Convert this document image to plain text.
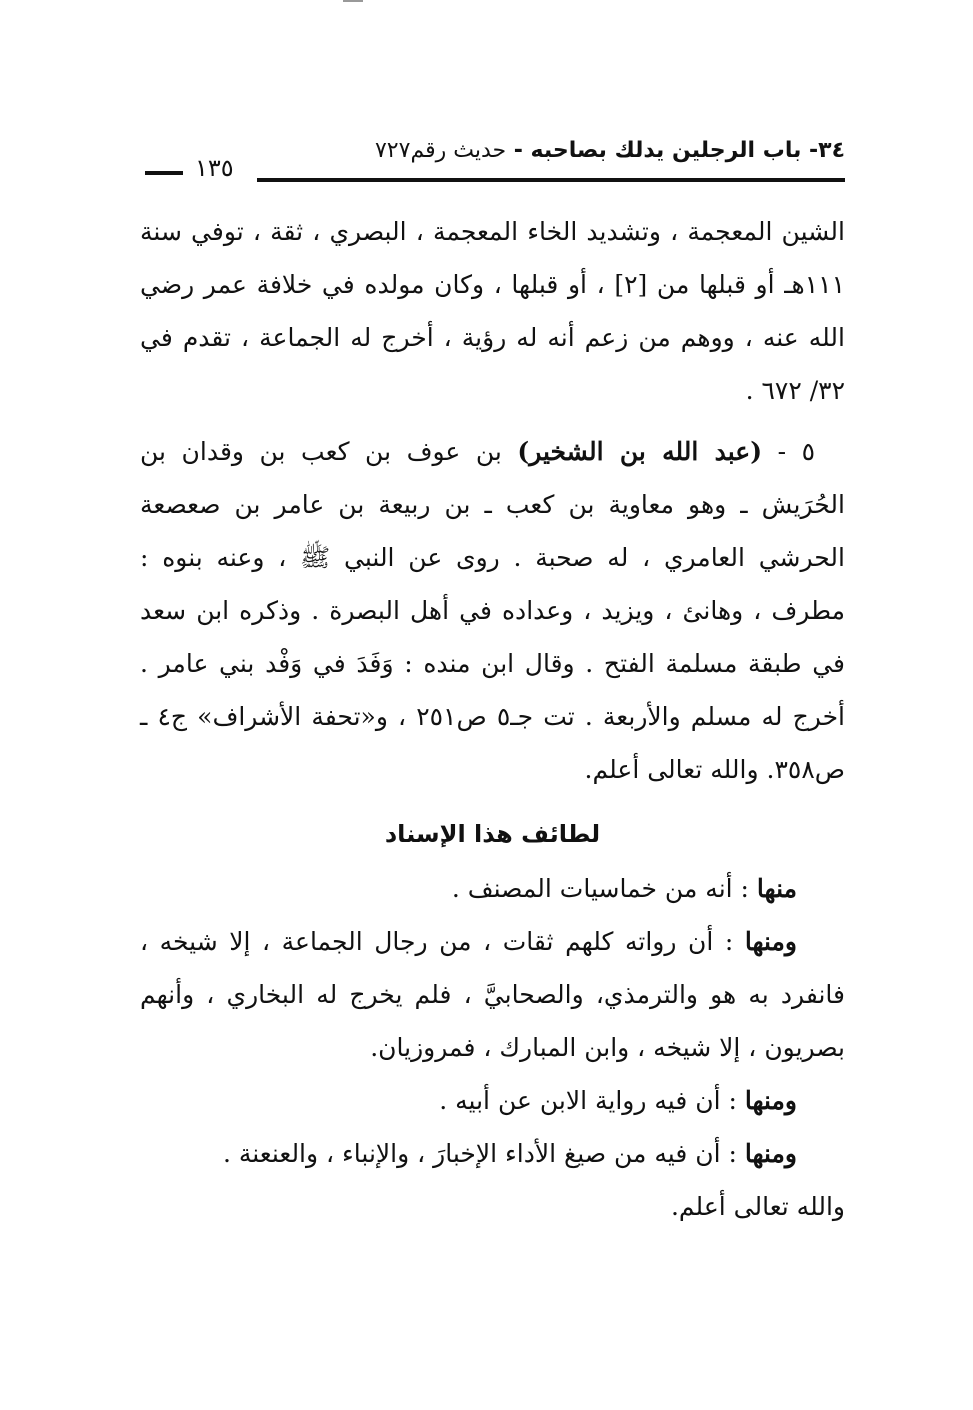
٣٤- باب الرجلين يدلك بصاحبه - حديث رقم٧٢٧
١٣٥

الشين المعجمة ، وتشديد الخاء المعجمة ، البصري ، ثقة ، توفي سنة ١١١هـ أو قبلها من [٢] ، أو قبلها ، وكان مولده في خلافة عمر رضي الله عنه ، ووهم من زعم أنه له رؤية ، أخرج له الجماعة ، تقدم في ٣٢/ ٦٧٢ .

٥ - (عبد الله بن الشخير) بن عوف بن كعب بن وقدان بن الحُرَيش ـ وهو معاوية بن كعب ـ بن ربيعة بن عامر بن صعصعة الحرشي العامري ، له صحبة . روى عن النبي ﷺ ، وعنه بنوه : مطرف ، وهانئ ، ويزيد ، وعداده في أهل البصرة . وذكره ابن سعد في طبقة مسلمة الفتح . وقال ابن منده : وَفَدَ في وَفْد بني عامر . أخرج له مسلم والأربعة . تت جـ٥ ص٢٥١ ، و«تحفة الأشراف» ج٤ ـ ص٣٥٨. والله تعالى أعلم.

لطائف هذا الإسناد

منها : أنه من خماسيات المصنف .

ومنها : أن رواته كلهم ثقات ، من رجال الجماعة ، إلا شيخه ، فانفرد به هو والترمذي، والصحابيَّ ، فلم يخرج له البخاري ، وأنهم بصريون ، إلا شيخه ، وابن المبارك ، فمروزيان.

ومنها : أن فيه رواية الابن عن أبيه .

ومنها : أن فيه من صيغ الأداء الإخبارَ ، والإنباء ، والعنعنة .

والله تعالى أعلم.
